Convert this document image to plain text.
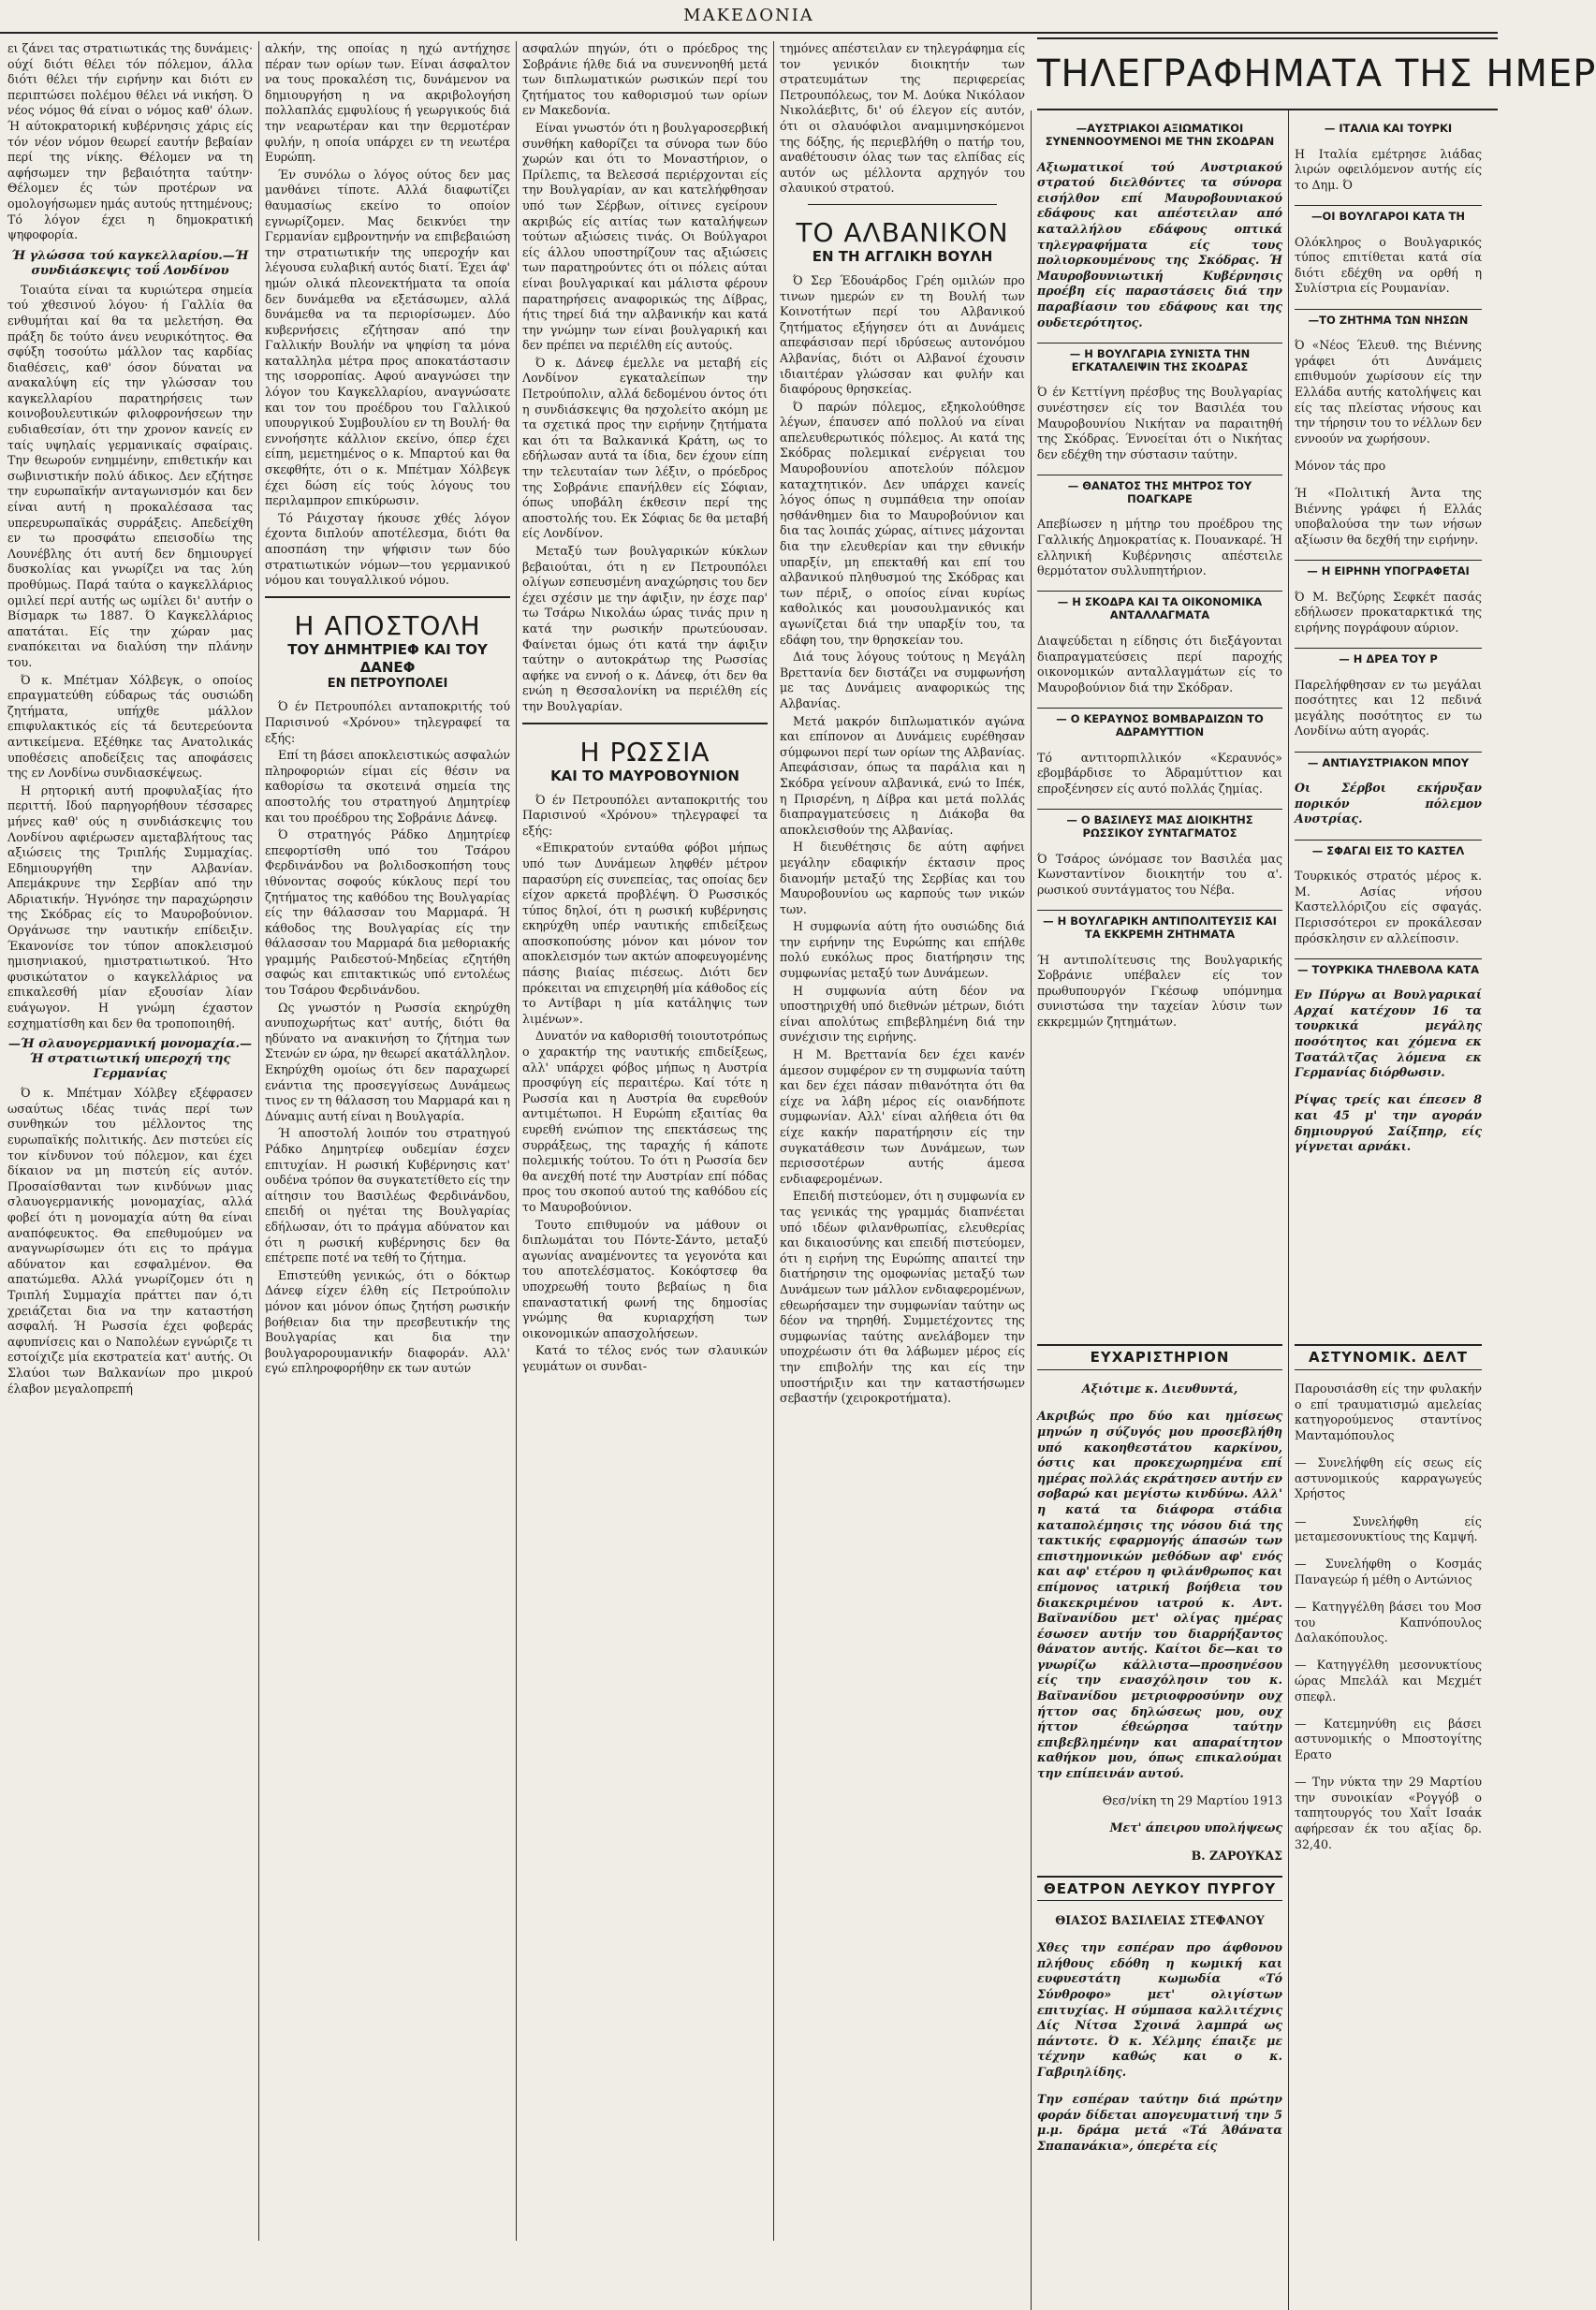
ΜΑΚΕΔΟΝΙΑ

ει ζάνει τας στρατιωτικάς της δυνάμεις· ούχί διότι θέλει τόν πόλεμον, άλλα διότι θέλει τήν ειρήνην και διότι εν περιπτώσει πολέμου θέλει νά νικήση. Ό νέος νόμος θά είναι ο νόμος καθ' όλων. Ή αύτοκρατορική κυβέρνησις χάρις είς τόν νέον νόμον θεωρεί εαυτήν βεβαίαν περί της νίκης. Θέλομεν να τη αφήσωμεν την βεβαιότητα ταύτην· Θέλομεν ές τών προτέρων να ομολογήσωμεν ημάς αυτούς ηττημένους; Τό λόγον έχει η δημοκρατική ψηφοφορία.

Ή γλώσσα τού καγκελλαρίου.—Ή συνδιάσκεψις τοΰ Λονδίνου

Τοιαύτα είναι τα κυριώτερα σημεία τού χθεσινού λόγου· ή Γαλλία θα ενθυμήται καί θα τα μελετήση. Θα πράξη δε τούτο άνευ νευρικότητος. Θα σφύξη τοσούτω μάλλον τας καρδίας διαθέσεις, καθ' όσον δύναται να ανακαλύψη είς την γλώσσαν του καγκελλαρίου παρατηρήσεις των κοινοβουλευτικών φιλοφρονήσεων την ευδιαθεσίαν, ότι την χρονον κανείς εν ταίς υψηλαίς γερμανικαίς σφαίραις. Την θεωρούν ενημμένην, επιθετικήν και σωβινιστικήν πολύ άδικος. Δεν εζήτησε την ευρωπαϊκήν ανταγωνισμόν και δεν είναι αυτή η προκαλέσασα τας υπερευρωπαϊκάς συρράξεις. Απεδείχθη εν τω προσφάτω επεισοδίω της Λουνέβλης ότι αυτή δεν δημιουργεί δυσκολίας και γνωρίζει να τας λύη προθύμως. Παρά ταύτα ο καγκελλάριος ομιλεί περί αυτής ως ωμίλει δι' αυτήν ο Βίσμαρκ τω 1887. Ό Καγκελλάριος απατάται. Είς την χώραν μας εναπόκειται να διαλύση την πλάνην του.

Ό κ. Μπέτμαν Χόλβεγκ, ο οποίος επραγματεύθη εύδαρως τάς ουσιώδη ζητήματα, υπήχθε μάλλον επιφυλακτικός είς τά δευτερεύοντα αντικείμενα. Εξέθηκε τας Ανατολικάς υποθέσεις αποδείξεις τας αποφάσεις της εν Λονδίνω συνδιασκέψεως.

Η ρητορική αυτή προφυλαξίας ήτο περιττή. Ιδού παρηγορήθουν τέσσαρες μήνες καθ' ούς η συνδιάσκεψις του Λονδίνου αφιέρωσεν αμεταβλήτους τας αξιώσεις της Τριπλής Συμμαχίας. Εδημιουργήθη την Αλβανίαν. Απεμάκρυνε την Σερβίαν από την Αδριατικήν. Ήγνόησε την παραχώρησιν της Σκόδρας είς το Μαυροβούνιον. Οργάνωσε την ναυτικήν επίδειξιν. Έκανονίσε τον τύπον αποκλεισμού ημισηνιακού, ημιστρατιωτικού. Ήτο φυσικώτατον ο καγκελλάριος να επικαλεσθή μίαν εξουσίαν λίαν ευάγωγον. Η γνώμη έχαστον εσχηματίσθη και δεν θα τροποποιηθή.

—Ή σλαυογερμανική μονομαχία.—Ή στρατιωτική υπεροχή της Γερμανίας

Ό κ. Μπέτμαν Χόλβεγ εξέφρασεν ωσαύτως ιδέας τινάς περί των συνθηκών του μέλλοντος της ευρωπαϊκής πολιτικής. Δεν πιστεύει είς τον κίνδυνον τού πόλεμον, και έχει δίκαιον να μη πιστεύη είς αυτόν. Προσαίσθανται των κινδύνων μιας σλαυογερμανικής μονομαχίας, αλλά φοβεί ότι η μονομαχία αύτη θα είναι αναπόφευκτος. Θα επεθυμούμεν να αναγνωρίσωμεν ότι εις το πράγμα αδύνατον και εσφαλμένον. Θα απατώμεθα. Αλλά γνωρίζομεν ότι η Τριπλή Συμμαχία πράττει παν ό,τι χρειάζεται δια να την καταστήση ασφαλή. Ή Ρωσσία έχει φοβεράς αφυπνίσεις και ο Ναπολέων εγνώριζε τι εστοίχιζε μία εκστρατεία κατ' αυτής. Οι Σλαύοι των Βαλκανίων προ μικρού έλαβον μεγαλοπρεπή

αλκήν, της οποίας η ηχώ αντήχησε πέραν των ορίων των. Είναι άσφαλτον να τους προκαλέση τις, δυνάμενον να δημιουργήση η να ακριβολογήση πολλαπλάς εμφυλίους ή γεωργικούς διά την νεαρωτέραν και την θερμοτέραν φυλήν, η οποία υπάρχει εν τη νεωτέρα Ευρώπη.

Έν συνόλω ο λόγος ούτος δεν μας μανθάνει τίποτε. Αλλά διαφωτίζει θαυμασίως εκείνο το οποίον εγνωρίζομεν. Μας δεικνύει την Γερμανίαν εμβροντηνήν να επιβεβαιώση την στρατιωτικήν της υπεροχήν και λέγουσα ευλαβική αυτός διατί. Έχει άφ' ημών ολικά πλεονεκτήματα τα οποία δεν δυνάμεθα να εξετάσωμεν, αλλά δυνάμεθα να τα περιορίσωμεν. Δύο κυβερνήσεις εζήτησαν από την Γαλλικήν Βουλήν να ψηφίση τα μόνα καταλληλα μέτρα προς αποκατάστασιν της ισορροπίας. Αφού αναγνώσει την λόγον του Καγκελλαρίου, αναγνώσατε και τον του προέδρου του Γαλλικού υπουργικού Συμβουλίου εν τη Βουλή· θα εννοήσητε κάλλιον εκείνο, όπερ έχει είπη, μεμετημένος ο κ. Μπαρτού και θα σκεφθήτε, ότι ο κ. Μπέτμαν Χόλβεγκ έχει δώση είς τούς λόγους του περιλαμπρον επικύρωσιν.

Τό Ράιχσταγ ήκουσε χθές λόγον έχοντα διπλούν αποτέλεσμα, διότι θα αποσπάση την ψήφισιν των δύο στρατιωτικών νόμων—του γερμανικού νόμου και τουγαλλικού νόμου.

Η ΑΠΟΣΤΟΛΗ
ΤΟΥ ΔΗΜΗΤΡΙΕΦ ΚΑΙ ΤΟΥ ΔΑΝΕΦ
ΕΝ ΠΕΤΡΟΥΠΟΛΕΙ

Ό έν Πετρουπόλει ανταποκριτής τού Παρισινού «Χρόνου» τηλεγραφεί τα εξής:

Επί τη βάσει αποκλειστικώς ασφαλών πληροφοριών είμαι είς θέσιν να καθορίσω τα σκοτεινά σημεία της αποστολής του στρατηγού Δημητρίεφ και του προέδρου της Σοβράνιε Δάνεφ.

Ό στρατηγός Ράδκο Δημητρίεφ επεφορτίσθη υπό του Τσάρου Φερδινάνδου να βολιδοσκοπήση τους ιθύνοντας σοφούς κύκλους περί του ζητήματος της καθόδου της Βουλγαρίας είς την θάλασσαν του Μαρμαρά. Ή κάθοδος της Βουλγαρίας είς την θάλασσαν του Μαρμαρά δια μεθοριακής γραμμής Ραιδεστού-Μηδείας εζητήθη σαφώς και επιτακτικώς υπό εντολέως του Τσάρου Φερδινάνδου.

Ως γνωστόν η Ρωσσία εκηρύχθη ανυποχωρήτως κατ' αυτής, διότι θα ηδύνατο να ανακινήση το ζήτημα των Στενών εν ώρα, ην θεωρεί ακατάλληλον. Εκηρύχθη ομοίως ότι δεν παραχωρεί ενάντια της προσεγγίσεως Δυνάμεως τινος εν τη θάλασση του Μαρμαρά και η Δύναμις αυτή είναι η Βουλγαρία.

Ή αποστολή λοιπόν του στρατηγού Ράδκο Δημητρίεφ ουδεμίαν έσχεν επιτυχίαν. Η ρωσική Κυβέρνησις κατ' ουδένα τρόπον θα συγκατετίθετο είς την αίτησιν του Βασιλέως Φερδινάνδου, επειδή οι ηγέται της Βουλγαρίας εδήλωσαν, ότι το πράγμα αδύνατον και ότι η ρωσική κυβέρνησις δεν θα επέτρεπε ποτέ να τεθή το ζήτημα.

Επιστεύθη γενικώς, ότι ο δόκτωρ Δάνεφ είχεν έλθη είς Πετρούπολιν μόνον και μόνον όπως ζητήση ρωσικήν βοήθειαν δια την πρεσβευτικήν της Βουλγαρίας και δια την βουλγαρορουμανικήν διαφοράν. Αλλ' εγώ επληροφορήθην εκ των αυτών

ασφαλών πηγών, ότι ο πρόεδρος της Σοβράνιε ήλθε διά να συνεννοηθή μετά των διπλωματικών ρωσικών περί του ζητήματος του καθορισμού των ορίων εν Μακεδονία.

Είναι γνωστόν ότι η βουλγαροσερβική συνθήκη καθορίζει τα σύνορα των δύο χωρών και ότι το Μοναστήριον, ο Πρίλεπις, τα Βελεσσά περιέρχονται είς την Βουλγαρίαν, αν και κατελήφθησαν υπό των Σέρβων, οίτινες εγείρουν ακριβώς είς αιτίας των καταλήψεων τούτων αξιώσεις τινάς. Οι Βούλγαροι είς άλλου υποστηρίζουν τας αξιώσεις των παρατηρούντες ότι οι πόλεις αύται είναι βουλγαρικαί και μάλιστα φέρουν παρατηρήσεις αναφορικώς της Δίβρας, ήτις τηρεί διά την αλβανικήν και κατά την γνώμην των είναι βουλγαρική και δεν πρέπει να περιέλθη είς αυτούς.

Ό κ. Δάνεφ έμελλε να μεταβή είς Λονδίνον εγκαταλείπων την Πετρούπολιν, αλλά δεδομένου όντος ότι η συνδιάσκεψις θα ησχολείτο ακόμη με τα σχετικά προς την ειρήνην ζητήματα και ότι τα Βαλκανικά Κράτη, ως το εδήλωσαν αυτά τα ίδια, δεν έχουν είπη την τελευταίαν των λέξιν, ο πρόεδρος της Σοβράνιε επανήλθεν είς Σόφιαν, όπως υποβάλη έκθεσιν περί της αποστολής του. Εκ Σόφιας δε θα μεταβή είς Λονδίνον.

Μεταξύ των βουλγαρικών κύκλων βεβαιούται, ότι η εν Πετρουπόλει ολίγων εσπευσμένη αναχώρησις του δεν έχει σχέσιν με την άφιξιν, ην έσχε παρ' τω Τσάρω Νικολάω ώρας τινάς πριν η κατά την ρωσικήν πρωτεύουσαν. Φαίνεται όμως ότι κατά την άφιξιν ταύτην ο αυτοκράτωρ της Ρωσσίας αφήκε να εννοή ο κ. Δάνεφ, ότι δεν θα ενώη η Θεσσαλονίκη να περιέλθη είς την Βουλγαρίαν.

Η ΡΩΣΣΙΑ
ΚΑΙ ΤΟ ΜΑΥΡΟΒΟΥΝΙΟΝ

Ό έν Πετρουπόλει ανταποκριτής του Παρισινού «Χρόνου» τηλεγραφεί τα εξής:

«Επικρατούν ενταύθα φόβοι μήπως υπό των Δυνάμεων ληφθέν μέτρον παρασύρη είς συνεπείας, τας οποίας δεν είχον αρκετά προβλέψη. Ό Ρωσσικός τύπος δηλοί, ότι η ρωσική κυβέρνησις εκηρύχθη υπέρ ναυτικής επιδείξεως αποσκοπούσης μόνον και μόνον τον αποκλεισμόν των ακτών αποφευγομένης πάσης βιαίας πιέσεως. Διότι δεν πρόκειται να επιχειρηθή μία κάθοδος είς το Αντίβαρι η μία κατάληψις των λιμένων».

Δυνατόν να καθορισθή τοιουτοτρόπως ο χαρακτήρ της ναυτικής επιδείξεως, αλλ' υπάρχει φόβος μήπως η Αυστρία προσφύγη είς περαιτέρω. Καί τότε η Ρωσσία και η Αυστρία θα ευρεθούν αντιμέτωποι. Η Ευρώπη εξαιτίας θα ευρεθή ενώπιον της επεκτάσεως της συρράξεως, της ταραχής ή κάποτε πολεμικής τούτου. Το ότι η Ρωσσία δεν θα ανεχθή ποτέ την Αυστρίαν επί πόδας προς του σκοπού αυτού της καθόδου είς το Μαυροβούνιον.

Τουτο επιθυμούν να μάθουν οι διπλωμάται του Πόντε-Σάντο, μεταξύ αγωνίας αναμένοντες τα γεγονότα και του αποτελέσματος. Κοκόφτσεφ θα υποχρεωθή τουτο βεβαίως η δια επαναστατική φωνή της δημοσίας γνώμης θα κυριαρχήση των οικονομικών απασχολήσεων.

Κατά το τέλος ενός των σλαυικών γευμάτων οι συνδαι-

τημόνες απέστειλαν εν τηλεγράφημα είς τον γενικόν διοικητήν των στρατευμάτων της περιφερείας Πετρουπόλεως, τον Μ. Δούκα Νικόλαον Νικολάεβιτς, δι' ού έλεγον είς αυτόν, ότι οι σλαυόφιλοι αναμιμνησκόμενοι της δόξης, ής περιεβλήθη ο πατήρ του, αναθέτουσιν όλας των τας ελπίδας είς αυτόν ως μέλλοντα αρχηγόν του σλαυικού στρατού.

ΤΟ ΑΛΒΑΝΙΚΟΝ
ΕΝ ΤΗ ΑΓΓΛΙΚΗ ΒΟΥΛΗ

Ό Σερ Έδουάρδος Γρέη ομιλών προ τινων ημερών εν τη Βουλή των Κοινοτήτων περί του Αλβανικού ζητήματος εξήγησεν ότι αι Δυνάμεις απεφάσισαν περί ιδρύσεως αυτονόμου Αλβανίας, διότι οι Αλβανοί έχουσιν ιδιαιτέραν γλώσσαν και φυλήν και διαφόρους θρησκείας.

Ό παρών πόλεμος, εξηκολούθησε λέγων, έπαυσεν από πολλού να είναι απελευθερωτικός πόλεμος. Αι κατά της Σκόδρας πολεμικαί ενέργειαι του Μαυροβουνίου αποτελούν πόλεμον καταχτητικόν. Δεν υπάρχει κανείς λόγος όπως η συμπάθεια την οποίαν ησθάνθημεν δια το Μαυροβούνιον και δια τας λοιπάς χώρας, αίτινες μάχονται δια την ελευθερίαν και την εθνικήν υπαρξίν, μη επεκταθή και επί του αλβανικού πληθυσμού της Σκόδρας και των πέριξ, ο οποίος είναι κυρίως καθολικός και μουσουλμανικός και αγωνίζεται διά την υπαρξίν του, τα εδάφη του, την θρησκείαν του.

Διά τους λόγους τούτους η Μεγάλη Βρεττανία δεν διστάζει να συμφωνήση με τας Δυνάμεις αναφορικώς της Αλβανίας.

Μετά μακρόν διπλωματικόν αγώνα και επίπονον αι Δυνάμεις ευρέθησαν σύμφωνοι περί των ορίων της Αλβανίας. Απεφάσισαν, όπως τα παράλια και η Σκόδρα γείνουν αλβανικά, ενώ το Ιπέκ, η Πρισρένη, η Δίβρα και μετά πολλάς διαπραγματεύσεις η Διάκοβα θα αποκλεισθούν της Αλβανίας.

Η διευθέτησις δε αύτη αφήνει μεγάλην εδαφικήν έκτασιν προς διανομήν μεταξύ της Σερβίας και του Μαυροβουνίου ως καρπούς των νικών των.

Η συμφωνία αύτη ήτο ουσιώδης διά την ειρήνην της Ευρώπης και επήλθε πολύ ευκόλως προς διατήρησιν της συμφωνίας μεταξύ των Δυνάμεων.

Η συμφωνία αύτη δέον να υποστηριχθή υπό διεθνών μέτρων, διότι είναι απολύτως επιβεβλημένη διά την συνέχισιν της ειρήνης.

Η Μ. Βρεττανία δεν έχει κανέν άμεσον συμφέρον εν τη συμφωνία ταύτη και δεν έχει πάσαν πιθανότητα ότι θα είχε να λάβη μέρος είς οιανδήποτε συμφωνίαν. Αλλ' είναι αλήθεια ότι θα είχε κακήν παρατήρησιν είς την συγκατάθεσιν των Δυνάμεων, των περισσοτέρων αυτής άμεσα ενδιαφερομένων.

Επειδή πιστεύομεν, ότι η συμφωνία εν τας γενικάς της γραμμάς διαπνέεται υπό ιδέων φιλανθρωπίας, ελευθερίας και δικαιοσύνης και επειδή πιστεύομεν, ότι η ειρήνη της Ευρώπης απαιτεί την διατήρησιν της ομοφωνίας μεταξύ των Δυνάμεων των μάλλον ενδιαφερομένων, εθεωρήσαμεν την συμφωνίαν ταύτην ως δέον να τηρηθή. Συμμετέχοντες της συμφωνίας ταύτης ανελάβομεν την υποχρέωσιν ότι θα λάβωμεν μέρος είς την επιβολήν της και είς την υποστήριξιν και την καταστήσωμεν σεβαστήν (χειροκροτήματα).

ΤΗΛΕΓΡΑΦΗΜΑΤΑ ΤΗΣ ΗΜΕΡ
—ΑΥΣΤΡΙΑΚΟΙ ΑΞΙΩΜΑΤΙΚΟΙ ΣΥΝΕΝΝΟΟΥΜΕΝΟΙ ΜΕ ΤΗΝ ΣΚΟΔΡΑΝ

Αξιωματικοί τού Αυστριακού στρατού διελθόντες τα σύνορα εισήλθον επί Μαυροβουνιακού εδάφους και απέστειλαν από καταλλήλου εδάφους οπτικά τηλεγραφήματα είς τους πολιορκουμένους της Σκόδρας. Ή Μαυροβουνιωτική Κυβέρνησις προέβη είς παραστάσεις διά την παραβίασιν του εδάφους και της ουδετερότητος.

— Η ΒΟΥΛΓΑΡΙΑ ΣΥΝΙΣΤΑ ΤΗΝ ΕΓΚΑΤΑΛΕΙΨΙΝ ΤΗΣ ΣΚΟΔΡΑΣ

Ό έν Κεττίγνη πρέσβυς της Βουλγαρίας συνέστησεν είς τον Βασιλέα του Μαυροβουνίου Νικήταν να παραιτηθή της Σκόδρας. Έννοείται ότι ο Νικήτας δεν εδέχθη την σύστασιν ταύτην.

— ΘΑΝΑΤΟΣ ΤΗΣ ΜΗΤΡΟΣ ΤΟΥ ΠΟΑΓΚΑΡΕ

Απεβίωσεν η μήτηρ του προέδρου της Γαλλικής Δημοκρατίας κ. Πουανκαρέ. Ή ελληνική Κυβέρνησις απέστειλε θερμότατον συλλυπητήριον.

— Η ΣΚΟΔΡΑ ΚΑΙ ΤΑ ΟΙΚΟΝΟΜΙΚΑ ΑΝΤΑΛΛΑΓΜΑΤΑ

Διαψεύδεται η είδησις ότι διεξάγονται διαπραγματεύσεις περί παροχής οικονομικών ανταλλαγμάτων είς το Μαυροβούνιον διά την Σκόδραν.

— Ο ΚΕΡΑΥΝΟΣ ΒΟΜΒΑΡΔΙΖΩΝ ΤΟ ΑΔΡΑΜΥΤΤΙΟΝ

Τό αντιτορπιλλικόν «Κεραυνός» εβομβάρδισε το Άδραμύττιον και επροξένησεν είς αυτό πολλάς ζημίας.

— Ο ΒΑΣΙΛΕΥΣ ΜΑΣ ΔΙΟΙΚΗΤΗΣ ΡΩΣΣΙΚΟΥ ΣΥΝΤΑΓΜΑΤΟΣ

Ό Τσάρος ώνόμασε τον Βασιλέα μας Κωνσταντίνον διοικητήν του α'. ρωσικού συντάγματος του Νέβα.

— Η ΒΟΥΛΓΑΡΙΚΗ ΑΝΤΙΠΟΛΙΤΕΥΣΙΣ ΚΑΙ ΤΑ ΕΚΚΡΕΜΗ ΖΗΤΗΜΑΤΑ

Ή αντιπολίτευσις της Βουλγαρικής Σοβράνιε υπέβαλεν είς τον πρωθυπουργόν Γκέσωφ υπόμνημα συνιστώσα την ταχείαν λύσιν των εκκρεμμών ζητημάτων.

— ΙΤΑΛΙΑ ΚΑΙ ΤΟΥΡΚΙ

Η Ιταλία εμέτρησε λιάδας λιρών οφειλόμενον αυτής είς το Δημ. Ό

—ΟΙ ΒΟΥΛΓΑΡΟΙ ΚΑΤΑ ΤΗ

Ολόκληρος ο Βουλγαρικός τύπος επιτίθεται κατά σία διότι εδέχθη να ορθή η Συλίστρια είς Ρουμανίαν.

—ΤΟ ΖΗΤΗΜΑ ΤΩΝ ΝΗΣΩΝ

Ό «Νέος Έλευθ. της Βιέννης γράφει ότι Δυνάμεις επιθυμούν χωρίσουν είς την Ελλάδα αυτής κατολήψεις και είς τας πλείστας νήσους και την τήρησιν του το νέλλων δεν εννοούν να χωρήσουν.

Μόνον τάς προ

Ή «Πολιτική Άντα της Βιέννης γράφει ή Ελλάς υποβαλούσα την των νήσων αξίωσιν θα δεχθή την ειρήνην.

— Η ΕΙΡΗΝΗ ΥΠΟΓΡΑΦΕΤΑΙ

Ό Μ. Βεζύρης Σεφκέτ πασάς εδήλωσεν προκαταρκτικά της ειρήνης πογράφουν αύριον.

— Η ΔΡΕΑ ΤΟΥ Ρ

Παρελήφθησαν εν τω μεγάλαι ποσότητες και 12 πεδινά μεγάλης ποσότητος εν τω Λονδίνω αύτη αγοράς.

— ΑΝΤΙΑΥΣΤΡΙΑΚΟΝ ΜΠΟΥ

Οι Σέρβοι εκήρυξαν πορικόν πόλεμον Αυστρίας.

— ΣΦΑΓΑΙ ΕΙΣ ΤΟ ΚΑΣΤΕΛ

Τουρκικός στρατός μέρος κ. Μ. Ασίας νήσου Καστελλόριζου είς σφαγάς. Περισσότεροι εν προκάλεσαν πρόσκλησιν εν αλλείποσιν.

— ΤΟΥΡΚΙΚΑ ΤΗΛΕΒΟΛΑ ΚΑΤΑ

Εν Πύργω αι Βουλγαρικαί Αρχαί κατέχουν 16 τα τουρκικά μεγάλης ποσότητος και χόμενα εκ Τσατάλτζας λόμενα εκ Γερμανίας διόρθωσιν.

Ρίψας τρείς και έπεσεν 8 και 45 μ' την αγοράν δημιουργού Σαίξπηρ, είς γίγνεται αρνάκι.

ΕΥΧΑΡΙΣΤΗΡΙΟΝ

Αξιότιμε κ. Διευθυντά,

Ακριβώς προ δύο και ημίσεως μηνών η σύζυγός μου προσεβλήθη υπό κακοηθεστάτου καρκίνου, όστις και προκεχωρημένα επί ημέρας πολλάς εκράτησεν αυτήν εν σοβαρώ και μεγίστω κινδύνω. Αλλ' η κατά τα διάφορα στάδια καταπολέμησις της νόσου διά της τακτικής εφαρμογής άπασών των επιστημονικών μεθόδων αφ' ενός και αφ' ετέρου η φιλάνθρωπος και επίμονος ιατρική βοήθεια του διακεκριμένου ιατρού κ. Αντ. Βαϊνανίδου μετ' ολίγας ημέρας έσωσεν αυτήν του διαρρήξαντος θάνατον αυτής. Καίτοι δε—και το γνωρίζω κάλλιστα—προσηνέσου είς την ενασχόλησιν του κ. Βαϊνανίδου μετριοφροσύνην ουχ ήττον σας δηλώσεως μου, ουχ ήττον έθεώρησα ταύτην επιβεβλημένην και απαραίτητον καθήκον μου, όπως επικαλούμαι την επίπεινάν αυτού.

Θεσ/νίκη τη 29 Μαρτίου 1913

Μετ' άπειρου υπολήψεως

Β. ΖΑΡΟΥΚΑΣ

ΘΕΑΤΡΟΝ ΛΕΥΚΟΥ ΠΥΡΓΟΥ

ΘΙΑΣΟΣ ΒΑΣΙΛΕΙΑΣ ΣΤΕΦΑΝΟΥ

Χθες την εσπέραν προ άφθονου πλήθους εδόθη η κωμική και ευφυεστάτη κωμωδία «Τό Σύνθροφο» μετ' ολιγίστων επιτυχίας. Η σύμπασα καλλιτέχνις Δίς Νίτσα Σχοινά λαμπρά ως πάντοτε. Ό κ. Χέλμης έπαιξε με τέχνην καθώς και ο κ. Γαβριηλίδης.

Την εσπέραν ταύτην διά πρώτην φοράν δίδεται απογευματινή την 5 μ.μ. δράμα μετά «Τά Άθάνατα Σπαπανάκια», όπερέτα είς

ΑΣΤΥΝΟΜΙΚ. ΔΕΛΤ

Παρουσιάσθη είς την φυλακήν ο επί τραυματισμώ αμελείας κατηγορούμενος σταντίνος Μανταμόπουλος

— Συνελήφθη είς σεως είς αστυνομικούς καρραγωγεύς Χρήστος

— Συνελήφθη είς μεταμεσονυκτίους της Καμψή.

— Συνελήφθη ο Κοσμάς Παναγεώρ ή μέθη ο Αντώνιος

— Κατηγγέλθη βάσει του Μοσ του Καπνόπουλος Δαλακόπουλος.

— Κατηγγέλθη μεσονυκτίους ώρας Μπελάλ και Μεχμέτ σπεφλ.

— Κατεμηνύθη εις βάσει αστυνομικής ο Μποστογίτης Ερατο

— Την νύκτα την 29 Μαρτίου την συνοικίαν «Ρογγόβ ο ταπητουργός του Χαΐτ Ισαάκ αφήρεσαν έκ του αξίας δρ. 32,40.
